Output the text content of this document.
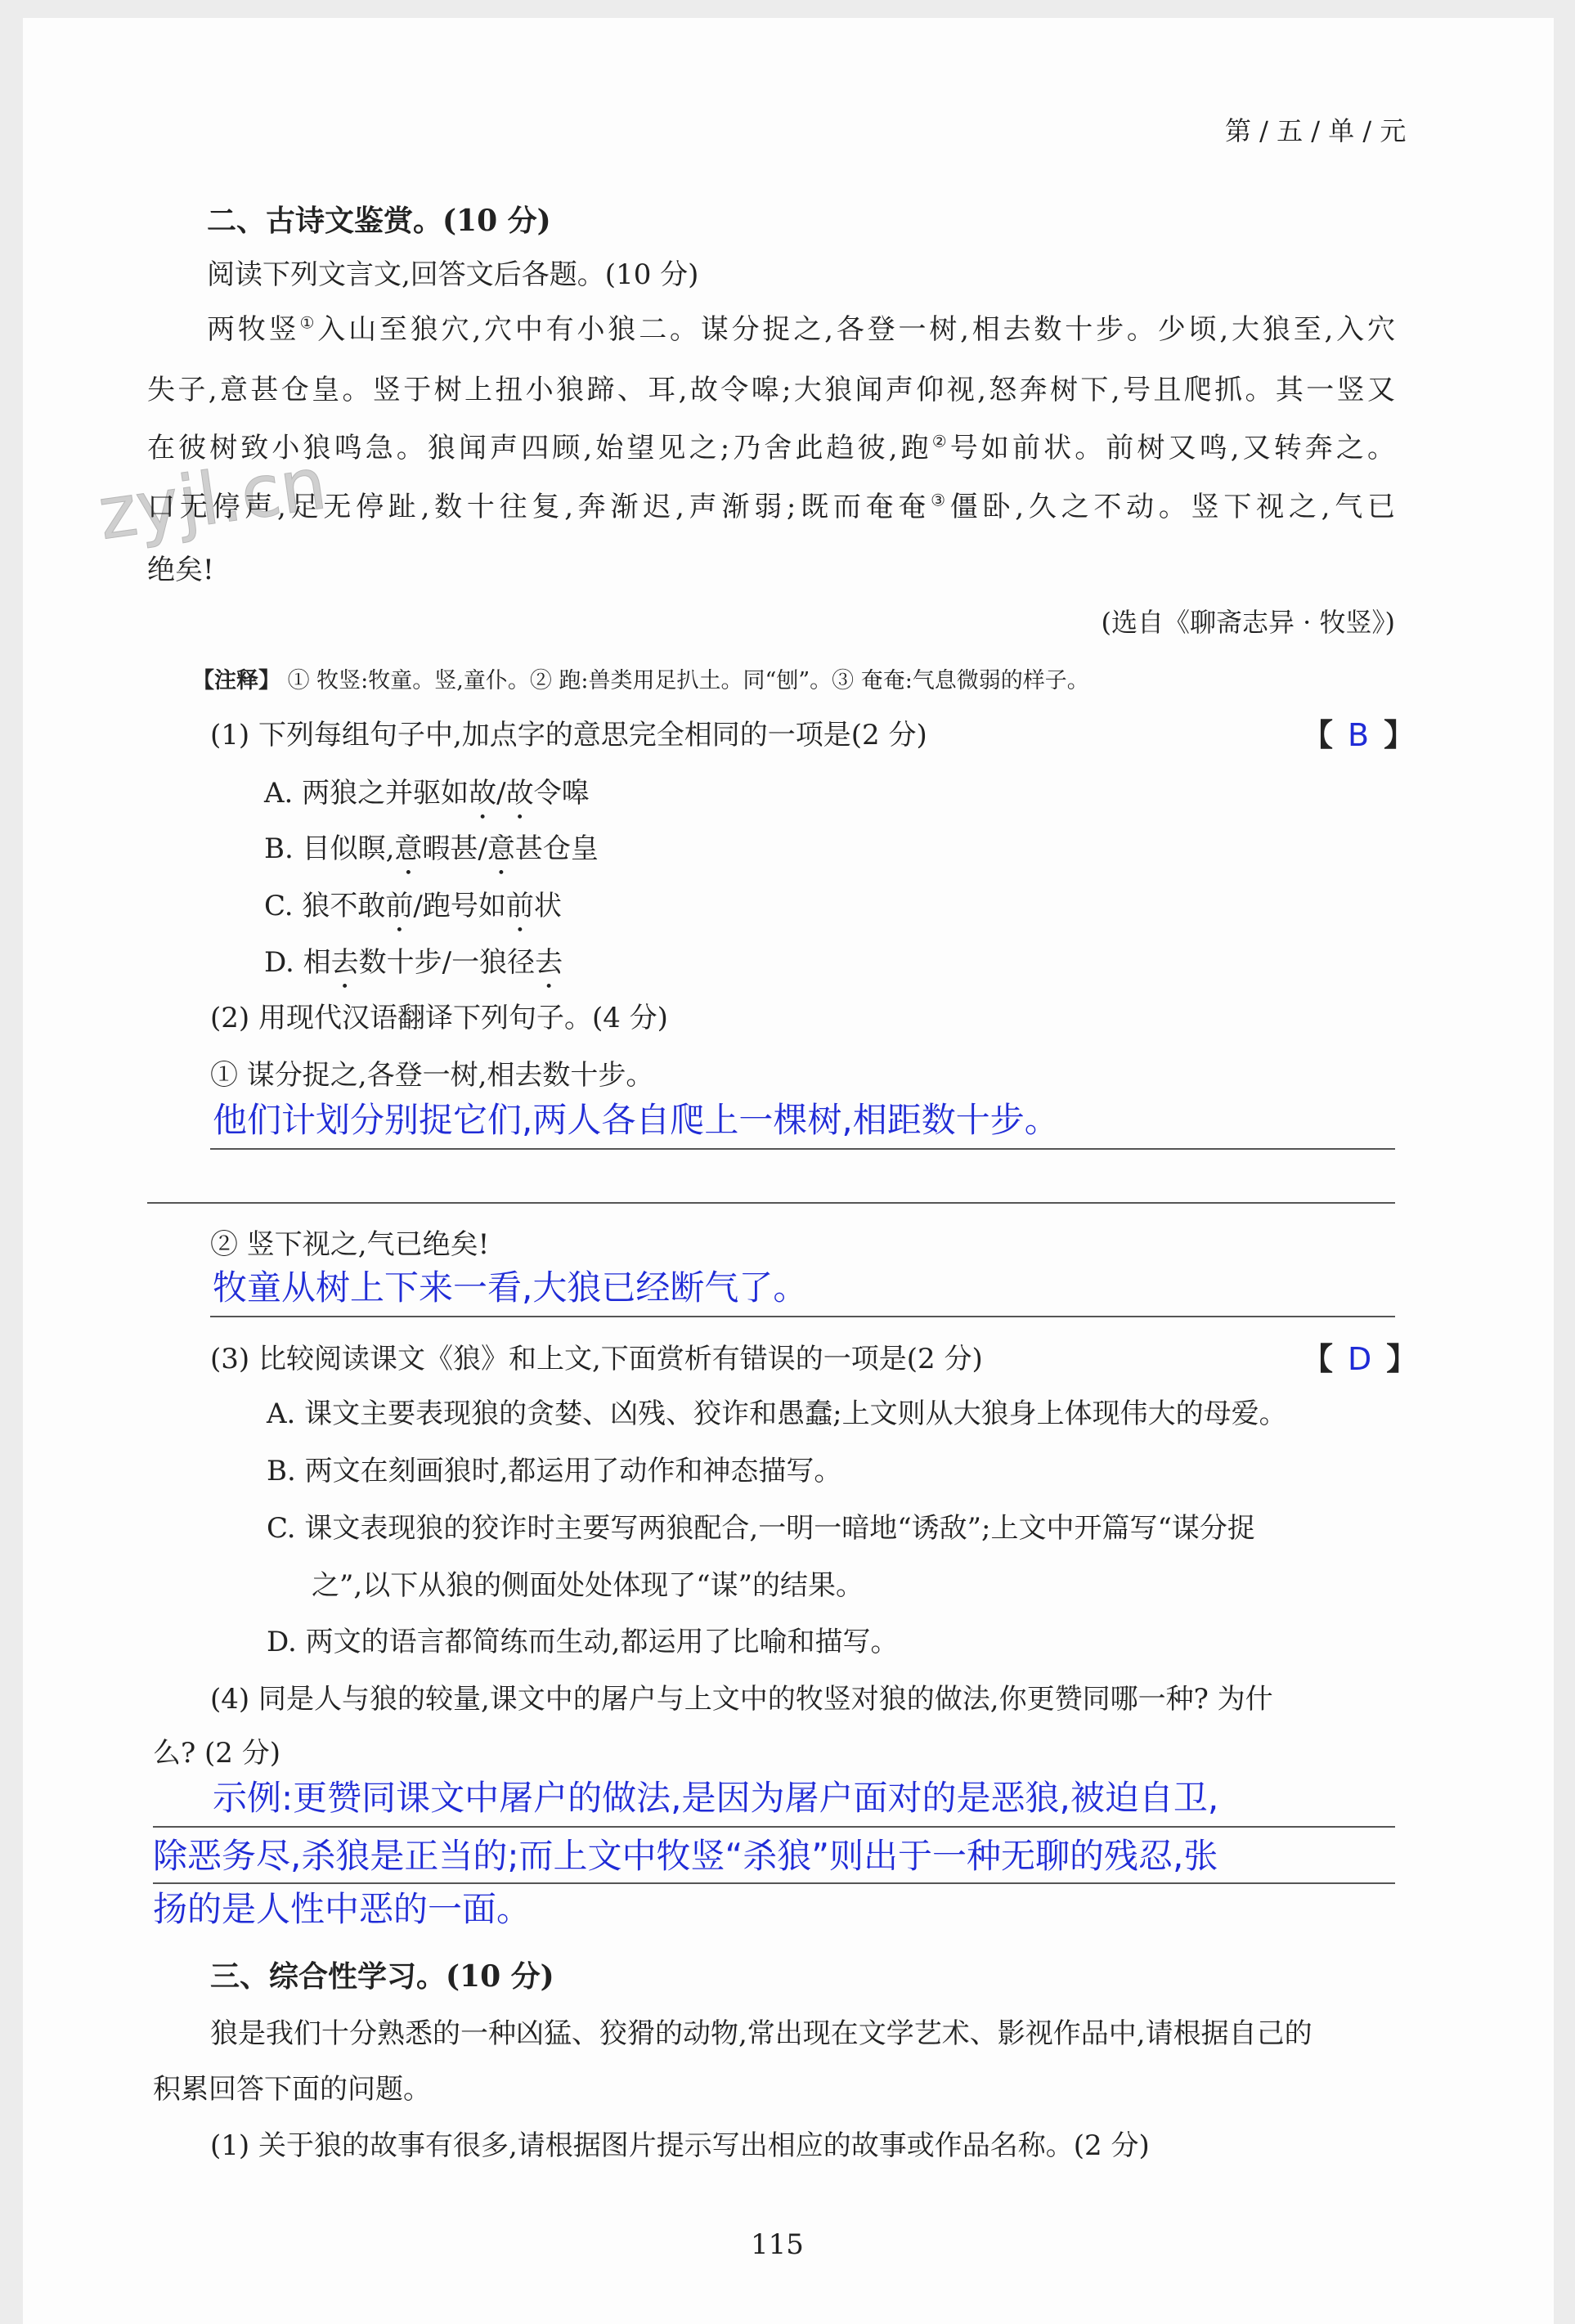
zyjl.cn
第 / 五 / 单 / 元
二、古诗文鉴赏。(10 分)
阅读下列文言文,回答文后各题。(10 分)
两牧竖①入山至狼穴,穴中有小狼二。谋分捉之,各登一树,相去数十步。少顷,大狼至,入穴
失子,意甚仓皇。竖于树上扭小狼蹄、耳,故令嗥;大狼闻声仰视,怒奔树下,号且爬抓。其一竖又
在彼树致小狼鸣急。狼闻声四顾,始望见之;乃舍此趋彼,跑②号如前状。前树又鸣,又转奔之。
口无停声,足无停趾,数十往复,奔渐迟,声渐弱;既而奄奄③僵卧,久之不动。竖下视之,气已
绝矣!
(选自《聊斋志异 · 牧竖》)
【注释】 ① 牧竖:牧童。竖,童仆。② 跑:兽类用足扒土。同“刨”。③ 奄奄:气息微弱的样子。
(1) 下列每组句子中,加点字的意思完全相同的一项是(2 分)	【 B 】
A. 两狼之并驱如故/故令嗥
B. 目似瞑,意暇甚/意甚仓皇
C. 狼不敢前/跑号如前状
D. 相去数十步/一狼径去
(2) 用现代汉语翻译下列句子。(4 分)
① 谋分捉之,各登一树,相去数十步。
他们计划分别捉它们,两人各自爬上一棵树,相距数十步。
② 竖下视之,气已绝矣!
牧童从树上下来一看,大狼已经断气了。
(3) 比较阅读课文《狼》和上文,下面赏析有错误的一项是(2 分)	【 D 】
A. 课文主要表现狼的贪婪、凶残、狡诈和愚蠢;上文则从大狼身上体现伟大的母爱。
B. 两文在刻画狼时,都运用了动作和神态描写。
C. 课文表现狼的狡诈时主要写两狼配合,一明一暗地“诱敌”;上文中开篇写“谋分捉
之”,以下从狼的侧面处处体现了“谋”的结果。
D. 两文的语言都简练而生动,都运用了比喻和描写。
(4) 同是人与狼的较量,课文中的屠户与上文中的牧竖对狼的做法,你更赞同哪一种? 为什
么? (2 分)
示例:更赞同课文中屠户的做法,是因为屠户面对的是恶狼,被迫自卫,
除恶务尽,杀狼是正当的;而上文中牧竖“杀狼”则出于一种无聊的残忍,张
扬的是人性中恶的一面。
三、综合性学习。(10 分)
狼是我们十分熟悉的一种凶猛、狡猾的动物,常出现在文学艺术、影视作品中,请根据自己的
积累回答下面的问题。
(1) 关于狼的故事有很多,请根据图片提示写出相应的故事或作品名称。(2 分)
115
